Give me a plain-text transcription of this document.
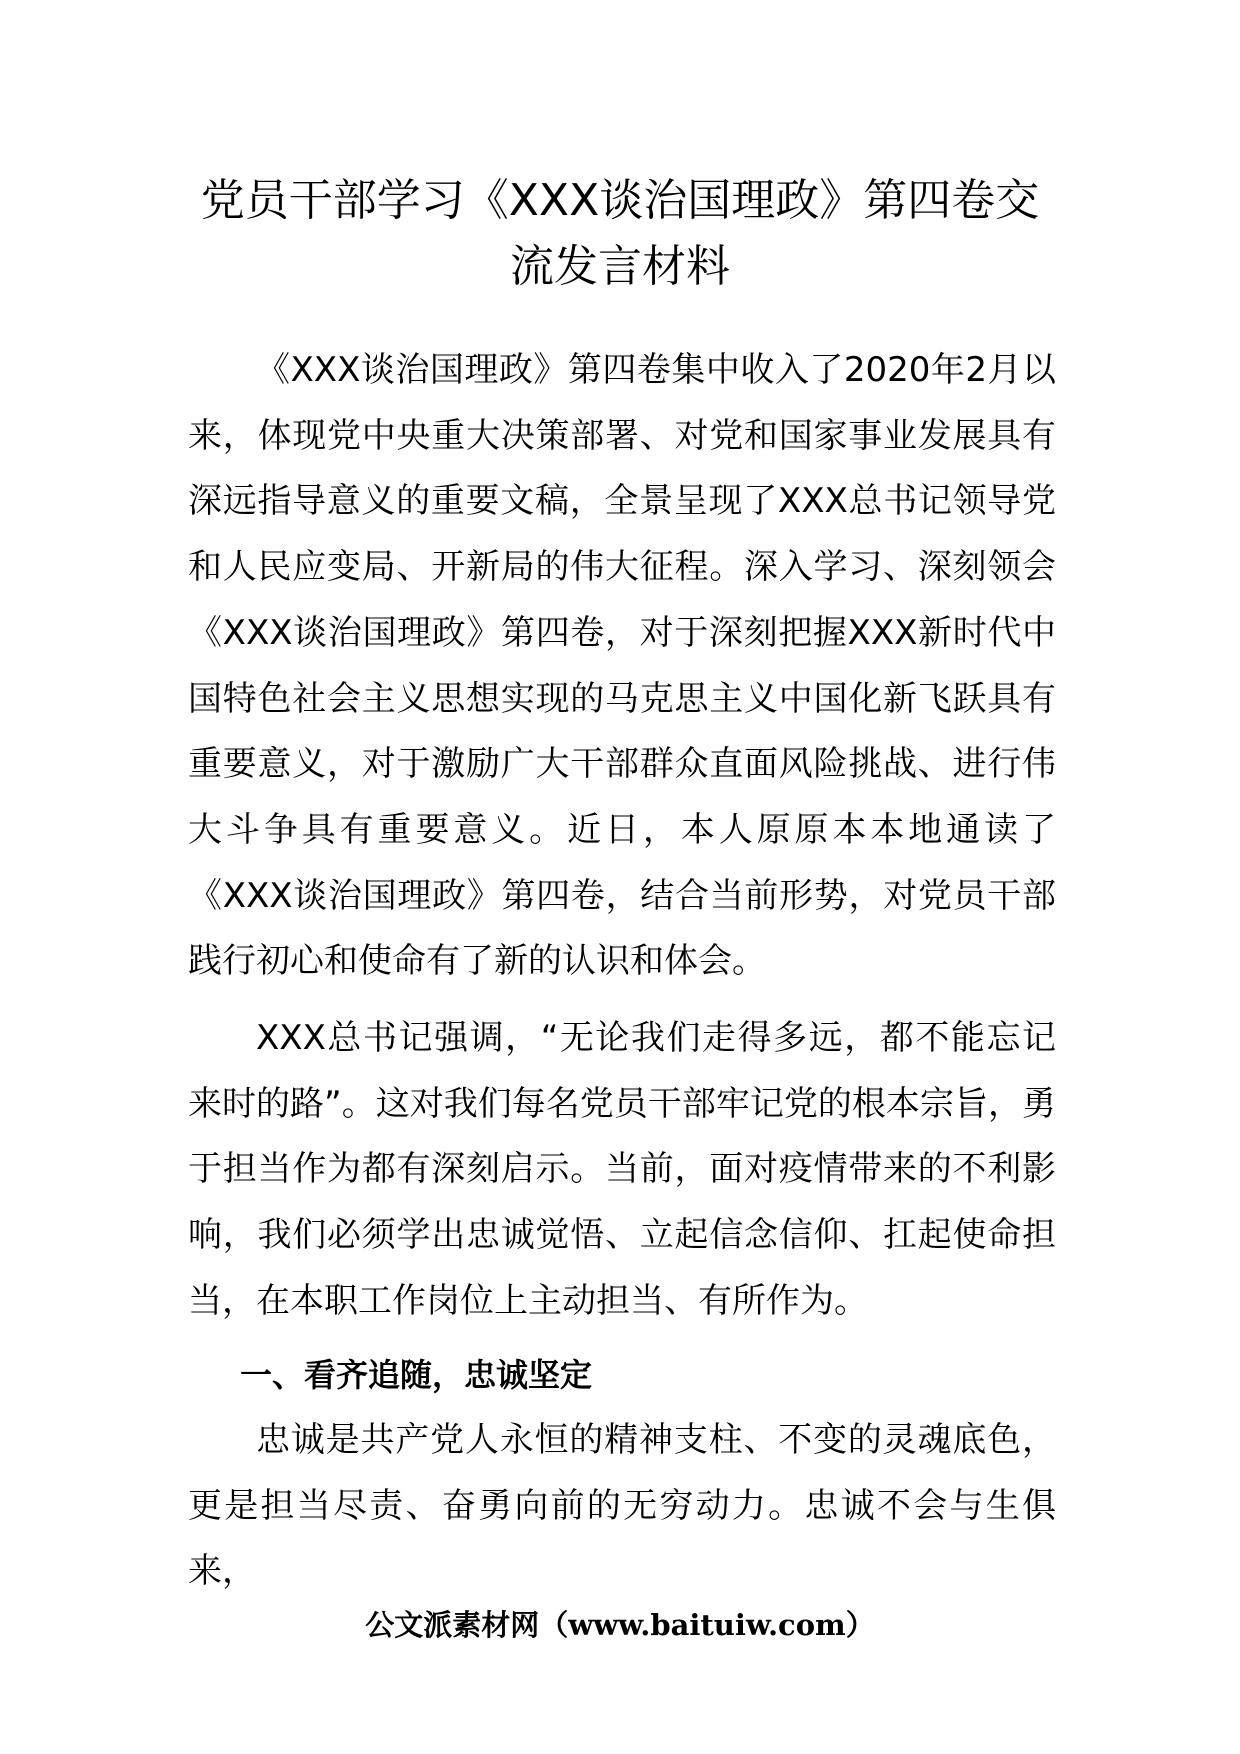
党员干部学习《XXX谈治国理政》第四卷交
流发言材料

《XXX谈治国理政》第四卷集中收入了2020年2月以来，体现党中央重大决策部署、对党和国家事业发展具有深远指导意义的重要文稿，全景呈现了XXX总书记领导党和人民应变局、开新局的伟大征程。深入学习、深刻领会《XXX谈治国理政》第四卷，对于深刻把握XXX新时代中国特色社会主义思想实现的马克思主义中国化新飞跃具有重要意义，对于激励广大干部群众直面风险挑战、进行伟大斗争具有重要意义。近日，本人原原本本地通读了《XXX谈治国理政》第四卷，结合当前形势，对党员干部践行初心和使命有了新的认识和体会。

XXX总书记强调，“无论我们走得多远，都不能忘记来时的路”。这对我们每名党员干部牢记党的根本宗旨，勇于担当作为都有深刻启示。当前，面对疫情带来的不利影响，我们必须学出忠诚觉悟、立起信念信仰、扛起使命担当，在本职工作岗位上主动担当、有所作为。

一、看齐追随，忠诚坚定

忠诚是共产党人永恒的精神支柱、不变的灵魂底色，更是担当尽责、奋勇向前的无穷动力。忠诚不会与生俱来，

公文派素材网（www.baituiw.com）
